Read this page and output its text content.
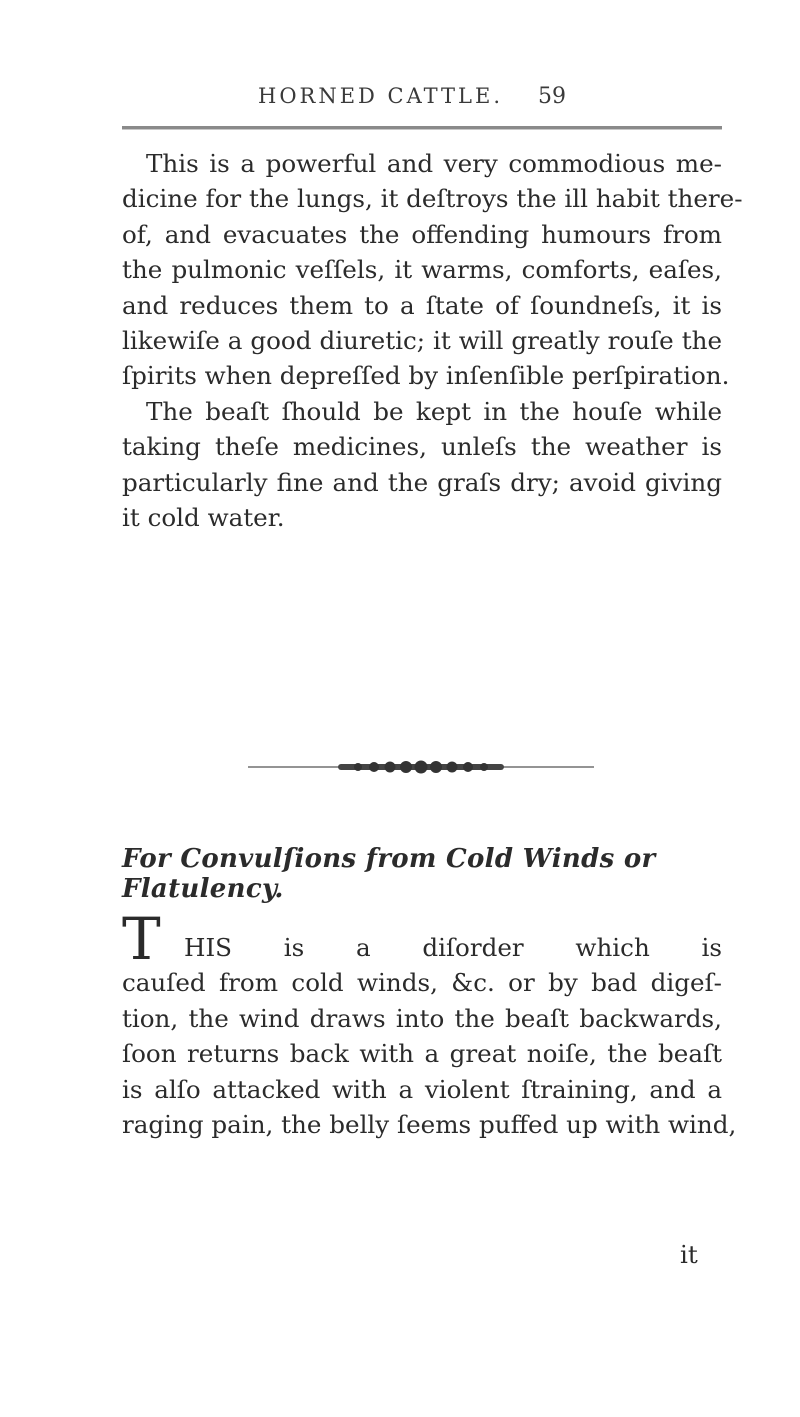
HORNED CATTLE. 59
This is a powerful and very commodious me-
dicine for the lungs, it deſtroys the ill habit there-
of, and evacuates the offending humours from
the pulmonic veſſels, it warms, comforts, eaſes,
and reduces them to a ſtate of ſoundneſs, it is
likewiſe a good diuretic; it will greatly rouſe the
ſpirits when depreſſed by inſenſible perſpiration.
The beaſt ſhould be kept in the houſe while
taking theſe medicines, unleſs the weather is
particularly fine and the graſs dry; avoid giving
it cold water.
For Convulſions from Cold Winds or Flatulency.
T HIS is a diſorder which is
cauſed from cold winds, &c. or by bad digeſ-
tion, the wind draws into the beaſt backwards,
ſoon returns back with a great noiſe, the beaſt
is alſo attacked with a violent ſtraining, and a
raging pain, the belly ſeems puffed up with wind,
it
